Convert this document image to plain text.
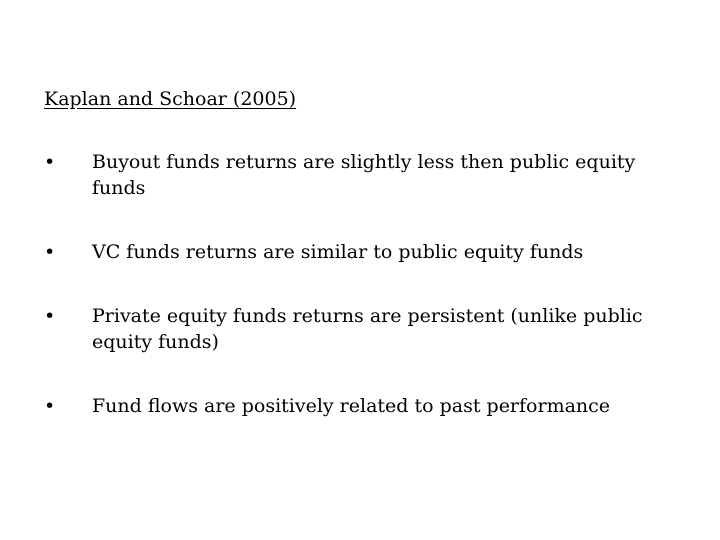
Kaplan and Schoar (2005)
• Buyout funds returns are slightly less then public equity funds
• VC funds returns are similar to public equity funds
• Private equity funds returns are persistent (unlike public equity funds)
• Fund flows are positively related to past performance
